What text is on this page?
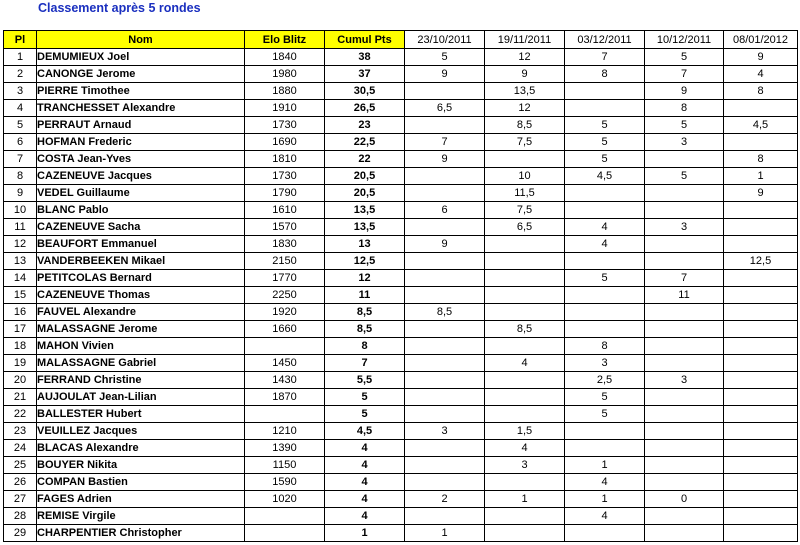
Classement après 5 rondes
Pl	Nom	Elo Blitz	Cumul Pts	23/10/2011	19/11/2011	03/12/2011	10/12/2011	08/01/2012
1	DEMUMIEUX Joel	1840	38	5	12	7	5	9
2	CANONGE Jerome	1980	37	9	9	8	7	4
3	PIERRE Timothee	1880	30,5		13,5		9	8
4	TRANCHESSET Alexandre	1910	26,5	6,5	12		8	
5	PERRAUT Arnaud	1730	23		8,5	5	5	4,5
6	HOFMAN Frederic	1690	22,5	7	7,5	5	3	
7	COSTA Jean-Yves	1810	22	9		5		8
8	CAZENEUVE Jacques	1730	20,5		10	4,5	5	1
9	VEDEL Guillaume	1790	20,5		11,5			9
10	BLANC Pablo	1610	13,5	6	7,5			
11	CAZENEUVE Sacha	1570	13,5		6,5	4	3	
12	BEAUFORT Emmanuel	1830	13	9		4		
13	VANDERBEEKEN Mikael	2150	12,5					12,5
14	PETITCOLAS Bernard	1770	12			5	7	
15	CAZENEUVE Thomas	2250	11				11	
16	FAUVEL Alexandre	1920	8,5	8,5				
17	MALASSAGNE Jerome	1660	8,5		8,5			
18	MAHON Vivien		8			8		
19	MALASSAGNE Gabriel	1450	7		4	3		
20	FERRAND Christine	1430	5,5			2,5	3	
21	AUJOULAT Jean-Lilian	1870	5			5		
22	BALLESTER Hubert		5			5		
23	VEUILLEZ Jacques	1210	4,5	3	1,5			
24	BLACAS Alexandre	1390	4		4			
25	BOUYER Nikita	1150	4		3	1		
26	COMPAN Bastien	1590	4			4		
27	FAGES Adrien	1020	4	2	1	1	0	
28	REMISE Virgile		4			4		
29	CHARPENTIER Christopher		1	1				
